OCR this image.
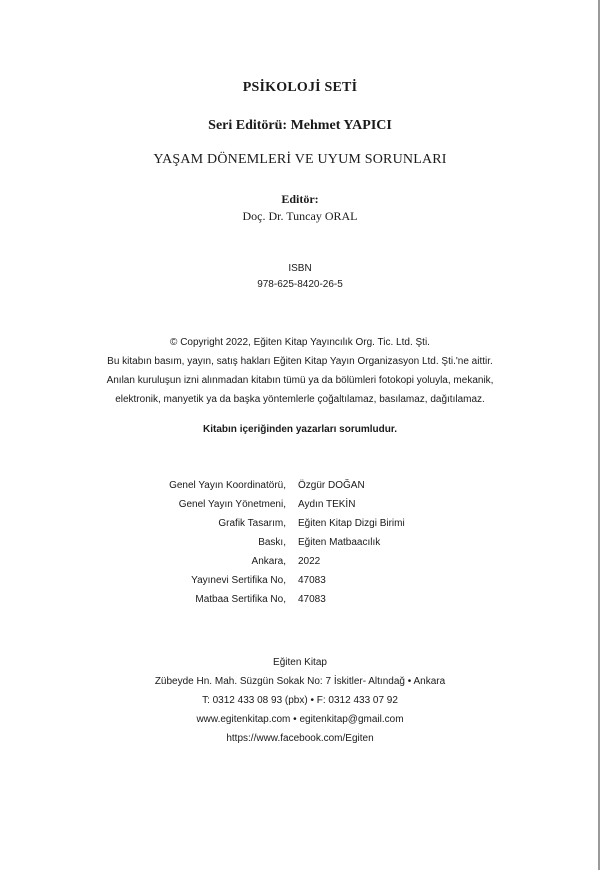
PSİKOLOJİ SETİ
Seri Editörü: Mehmet YAPICI
YAŞAM DÖNEMLERİ VE UYUM SORUNLARI
Editör:
Doç. Dr. Tuncay ORAL
ISBN
978-625-8420-26-5
© Copyright 2022, Eğiten Kitap Yayıncılık Org. Tic. Ltd. Şti.
Bu kitabın basım, yayın, satış hakları Eğiten Kitap Yayın Organizasyon Ltd. Şti.'ne aittir.
Anılan kuruluşun izni alınmadan kitabın tümü ya da bölümleri fotokopi yoluyla, mekanik,
elektronik, manyetik ya da başka yöntemlerle çoğaltılamaz, basılamaz, dağıtılamaz.
Kitabın içeriğinden yazarları sorumludur.
Genel Yayın Koordinatörü, Özgür DOĞAN
Genel Yayın Yönetmeni, Aydın TEKİN
Grafik Tasarım, Eğiten Kitap Dizgi Birimi
Baskı, Eğiten Matbaacılık
Ankara, 2022
Yayınevi Sertifika No, 47083
Matbaa Sertifika No, 47083
Eğiten Kitap
Zübeyde Hn. Mah. Süzgün Sokak No: 7 İskitler- Altındağ • Ankara
T: 0312 433 08 93 (pbx) • F: 0312 433 07 92
www.egitenkitap.com • egitenkitap@gmail.com
https://www.facebook.com/Egiten
